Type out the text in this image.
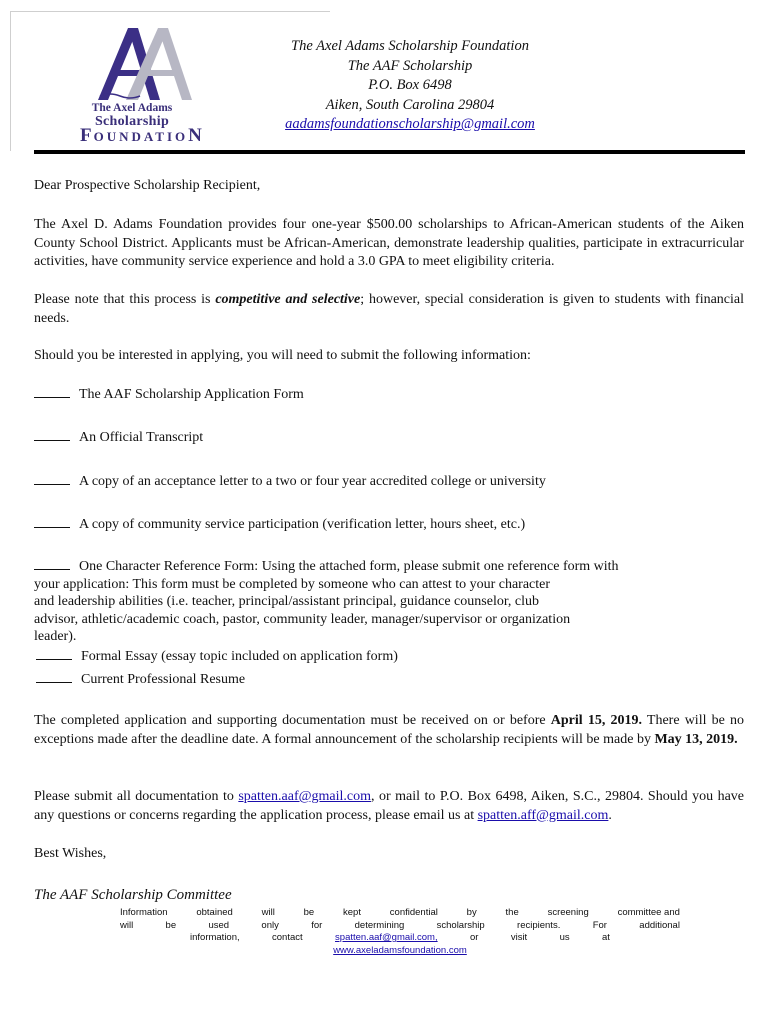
The Axel Adams
Scholarship
FOUNDATION
The Axel Adams Scholarship Foundation
The AAF Scholarship
P.O. Box 6498
Aiken, South Carolina 29804
aadamsfoundationscholarship@gmail.com
Dear Prospective Scholarship Recipient,
The Axel D. Adams Foundation provides four one-year $500.00 scholarships to African-American students of the Aiken County School District. Applicants must be African-American, demonstrate leadership qualities, participate in extracurricular activities, have community service experience and hold a 3.0 GPA to meet eligibility criteria.
Please note that this process is competitive and selective; however, special consideration is given to students with financial needs.
Should you be interested in applying, you will need to submit the following information:
The AAF Scholarship Application Form
An Official Transcript
A copy of an acceptance letter to a two or four year accredited college or university
A copy of community service participation (verification letter, hours sheet, etc.)
One Character Reference Form: Using the attached form, please submit one reference form with
your application: This form must be completed by someone who can attest to your character
and leadership abilities (i.e. teacher, principal/assistant principal, guidance counselor, club
advisor, athletic/academic coach, pastor, community leader, manager/supervisor or organization
leader).
Formal Essay (essay topic included on application form)
Current Professional Resume
The completed application and supporting documentation must be received on or before April 15, 2019. There will be no exceptions made after the deadline date. A formal announcement of the scholarship recipients will be made by May 13, 2019.
Please submit all documentation to spatten.aaf@gmail.com, or mail to P.O. Box 6498, Aiken, S.C., 29804. Should you have any questions or concerns regarding the application process, please email us at spatten.aff@gmail.com.
Best Wishes,
The AAF Scholarship Committee
Information	obtained	will	be	kept	confidential	by	the	screening	committee and
will	be	used	only	for	determining	scholarship	recipients.	For	additional
information,	contact	spatten.aaf@gmail.com,	or	visit	us	at
www.axeladamsfoundation.com
